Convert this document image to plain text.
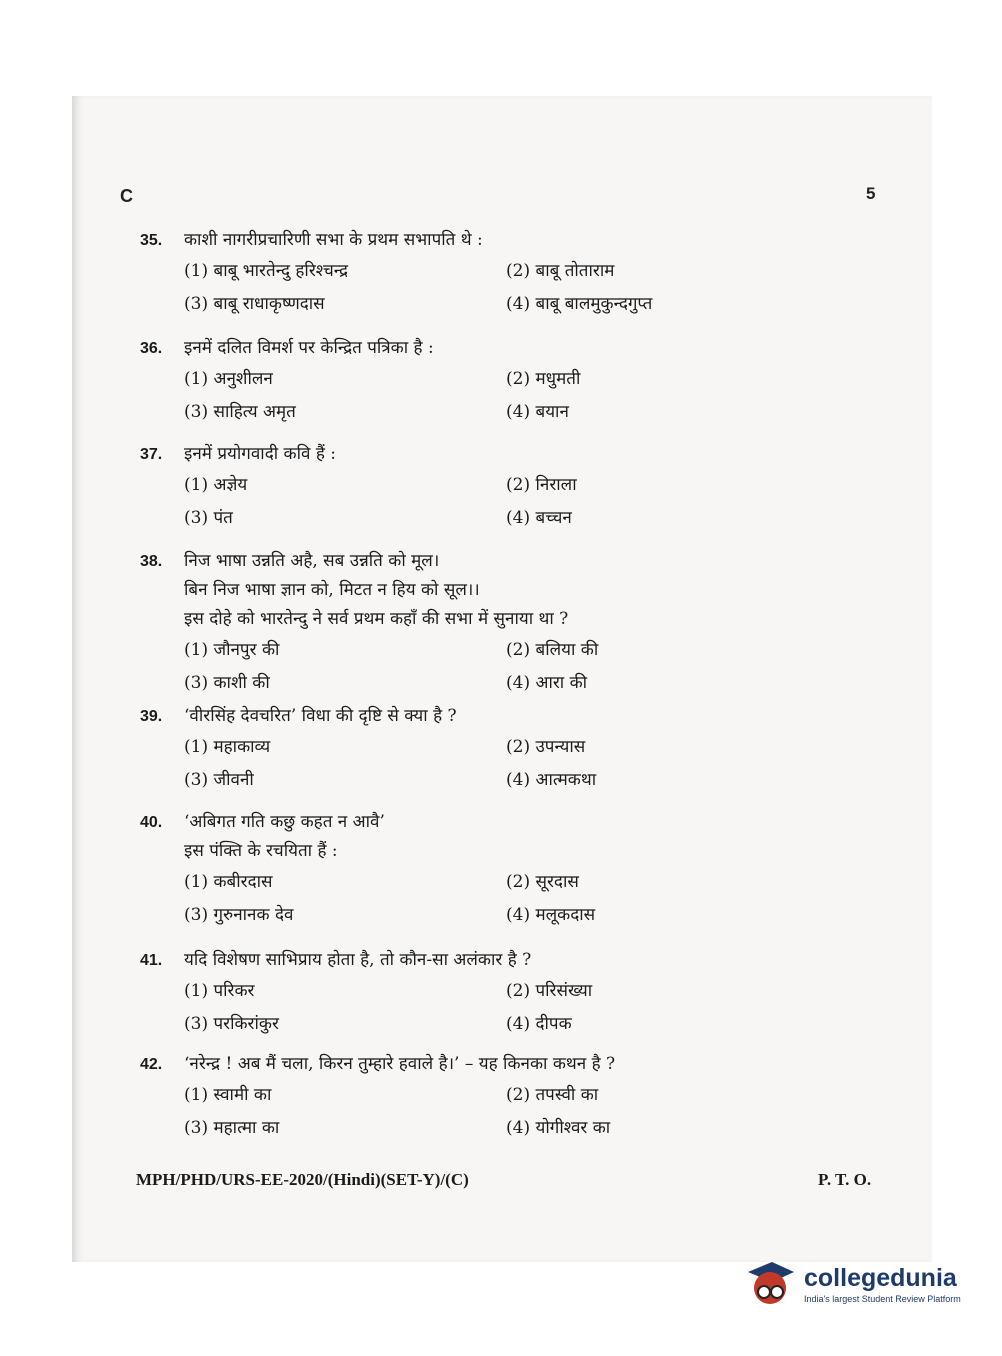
C	5
35.	काशी नागरीप्रचारिणी सभा के प्रथम सभापति थे :
(1) बाबू भारतेन्दु हरिश्चन्द्र	(2) बाबू तोताराम
(3) बाबू राधाकृष्णदास	(4) बाबू बालमुकुन्दगुप्त
36.	इनमें दलित विमर्श पर केन्द्रित पत्रिका है :
(1) अनुशीलन	(2) मधुमती
(3) साहित्य अमृत	(4) बयान
37.	इनमें प्रयोगवादी कवि हैं :
(1) अज्ञेय	(2) निराला
(3) पंत	(4) बच्चन
38.	निज भाषा उन्नति अहै, सब उन्नति को मूल।
बिन निज भाषा ज्ञान को, मिटत न हिय को सूल।।
इस दोहे को भारतेन्दु ने सर्व प्रथम कहाँ की सभा में सुनाया था ?
(1) जौनपुर की	(2) बलिया की
(3) काशी की	(4) आरा की
39.	‘वीरसिंह देवचरित’ विधा की दृष्टि से क्या है ?
(1) महाकाव्य	(2) उपन्यास
(3) जीवनी	(4) आत्मकथा
40.	‘अबिगत गति कछु कहत न आवै’
इस पंक्ति के रचयिता हैं :
(1) कबीरदास	(2) सूरदास
(3) गुरुनानक देव	(4) मलूकदास
41.	यदि विशेषण साभिप्राय होता है, तो कौन-सा अलंकार है ?
(1) परिकर	(2) परिसंख्या
(3) परकिरांकुर	(4) दीपक
42.	‘नरेन्द्र ! अब मैं चला, किरन तुम्हारे हवाले है।’ – यह किनका कथन है ?
(1) स्वामी का	(2) तपस्वी का
(3) महात्मा का	(4) योगीश्वर का
MPH/PHD/URS-EE-2020/(Hindi)(SET-Y)/(C)	P. T. O.
collegedunia
India's largest Student Review Platform
